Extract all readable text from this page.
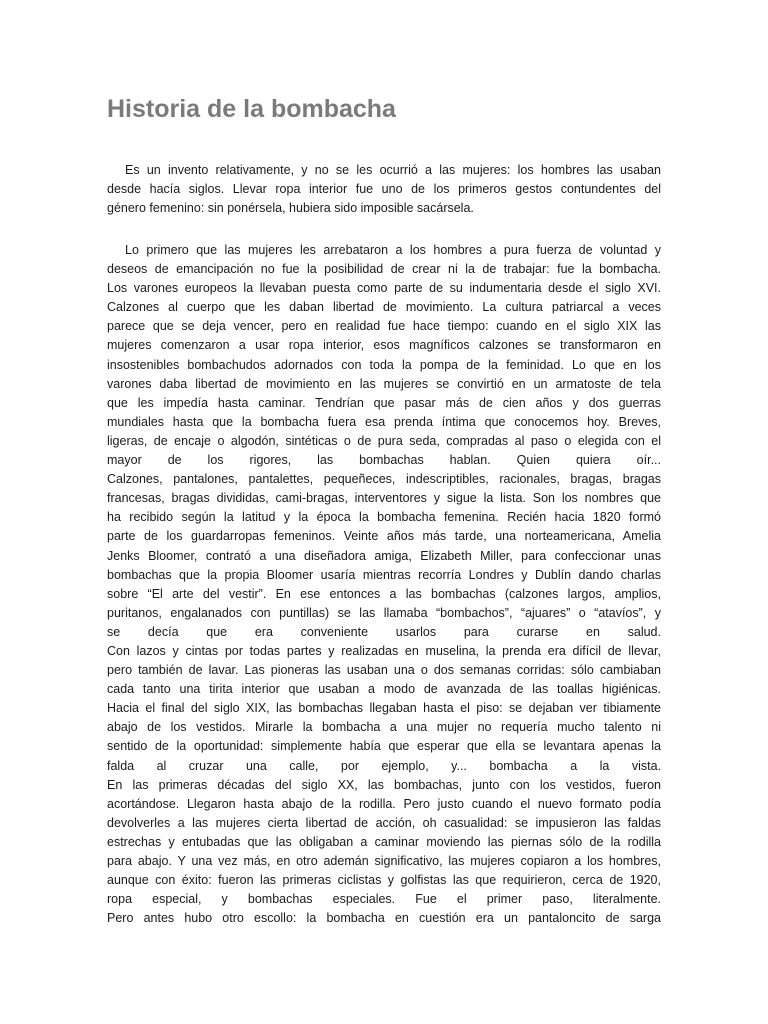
Historia de la bombacha
Es un invento relativamente, y no se les ocurrió a las mujeres: los hombres las usaban
desde hacía siglos. Llevar ropa interior fue uno de los primeros gestos contundentes del
género femenino: sin ponérsela, hubiera sido imposible sacársela.
Lo primero que las mujeres les arrebataron a los hombres a pura fuerza de voluntad y
deseos de emancipación no fue la posibilidad de crear ni la de trabajar: fue la bombacha.
Los varones europeos la llevaban puesta como parte de su indumentaria desde el siglo XVI.
Calzones al cuerpo que les daban libertad de movimiento. La cultura patriarcal a veces
parece que se deja vencer, pero en realidad fue hace tiempo: cuando en el siglo XIX las
mujeres comenzaron a usar ropa interior, esos magníficos calzones se transformaron en
insostenibles bombachudos adornados con toda la pompa de la feminidad. Lo que en los
varones daba libertad de movimiento en las mujeres se convirtió en un armatoste de tela
que les impedía hasta caminar. Tendrían que pasar más de cien años y dos guerras
mundiales hasta que la bombacha fuera esa prenda íntima que conocemos hoy. Breves,
ligeras, de encaje o algodón, sintéticas o de pura seda, compradas al paso o elegida con el
mayor de los rigores, las bombachas hablan. Quien quiera oír...
Calzones, pantalones, pantalettes, pequeñeces, indescriptibles, racionales, bragas, bragas
francesas, bragas divididas, cami-bragas, interventores y sigue la lista. Son los nombres que
ha recibido según la latitud y la época la bombacha femenina. Recién hacia 1820 formó
parte de los guardarropas femeninos. Veinte años más tarde, una norteamericana, Amelia
Jenks Bloomer, contrató a una diseñadora amiga, Elizabeth Miller, para confeccionar unas
bombachas que la propia Bloomer usaría mientras recorría Londres y Dublín dando charlas
sobre “El arte del vestir”. En ese entonces a las bombachas (calzones largos, amplios,
puritanos, engalanados con puntillas) se las llamaba “bombachos”, “ajuares” o “atavíos”, y
se decía que era conveniente usarlos para curarse en salud.
Con lazos y cintas por todas partes y realizadas en muselina, la prenda era difícil de llevar,
pero también de lavar. Las pioneras las usaban una o dos semanas corridas: sólo cambiaban
cada tanto una tirita interior que usaban a modo de avanzada de las toallas higiénicas.
Hacia el final del siglo XIX, las bombachas llegaban hasta el piso: se dejaban ver tibiamente
abajo de los vestidos. Mirarle la bombacha a una mujer no requería mucho talento ni
sentido de la oportunidad: simplemente había que esperar que ella se levantara apenas la
falda al cruzar una calle, por ejemplo, y... bombacha a la vista.
En las primeras décadas del siglo XX, las bombachas, junto con los vestidos, fueron
acortándose. Llegaron hasta abajo de la rodilla. Pero justo cuando el nuevo formato podía
devolverles a las mujeres cierta libertad de acción, oh casualidad: se impusieron las faldas
estrechas y entubadas que las obligaban a caminar moviendo las piernas sólo de la rodilla
para abajo. Y una vez más, en otro ademán significativo, las mujeres copiaron a los hombres,
aunque con éxito: fueron las primeras ciclistas y golfistas las que requirieron, cerca de 1920,
ropa especial, y bombachas especiales. Fue el primer paso, literalmente.
Pero antes hubo otro escollo: la bombacha en cuestión era un pantaloncito de sarga
